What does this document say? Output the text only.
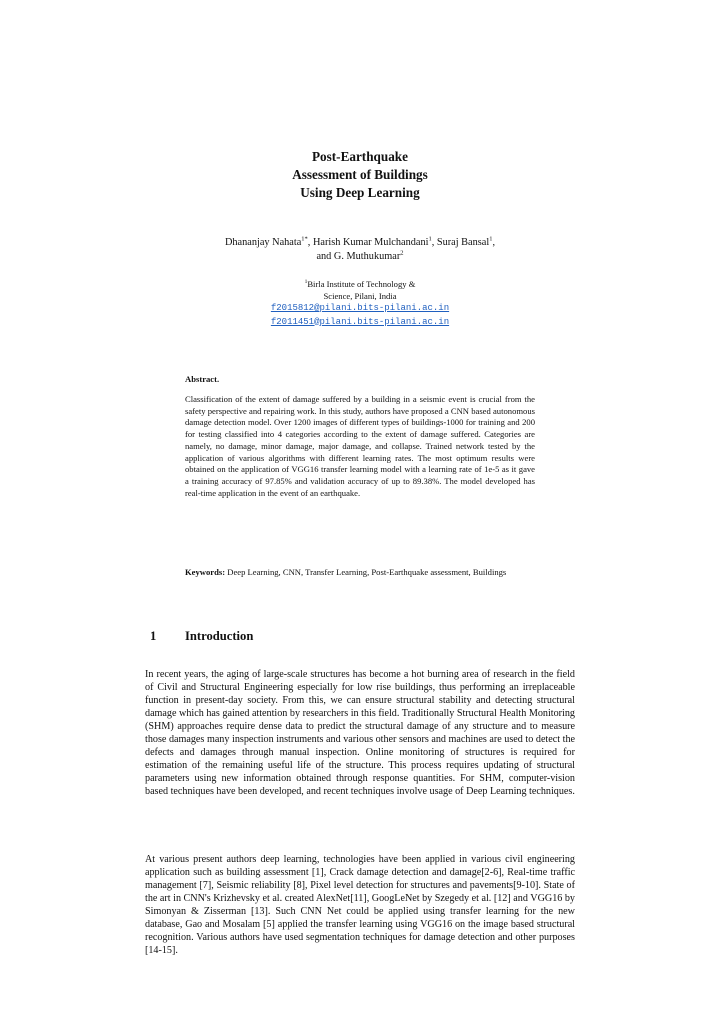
Post-Earthquake
Assessment of Buildings
Using Deep Learning
Dhananjay Nahata$^{1*}$, Harish Kumar Mulchandani$^1$, Suraj Bansal$^1$,
and G. Muthukumar$^2$
$^1$Birla Institute of Technology &
Science, Pilani, India
f2015812@pilani.bits-pilani.ac.in
f2011451@pilani.bits-pilani.ac.in
Abstract.
Classification of the extent of damage suffered by a building in a seismic event is crucial from the safety perspective and repairing work. In this study, authors have proposed a CNN based autonomous damage detection model. Over 1200 images of different types of buildings-1000 for training and 200 for testing classified into 4 categories according to the extent of damage suffered. Categories are namely, no damage, minor damage, major damage, and collapse. Trained network tested by the application of various algorithms with different learning rates. The most optimum results were obtained on the application of VGG16 transfer learning model with a learning rate of 1e-5 as it gave a training accuracy of 97.85% and validation accuracy of up to 89.38%. The model developed has real-time application in the event of an earthquake.
Keywords: Deep Learning, CNN, Transfer Learning, Post-Earthquake assessment, Buildings
1 Introduction
In recent years, the aging of large-scale structures has become a hot burning area of research in the field of Civil and Structural Engineering especially for low rise buildings, thus performing an irreplaceable function in present-day society. From this, we can ensure structural stability and detecting structural damage which has gained attention by researchers in this field. Traditionally Structural Health Monitoring (SHM) approaches require dense data to predict the structural damage of any structure and to measure those damages many inspection instruments and various other sensors and machines are used to detect the defects and damages through manual inspection. Online monitoring of structures is required for estimation of the remaining useful life of the structure. This process requires updating of structural parameters using new information obtained through response quantities. For SHM, computer-vision based techniques have been developed, and recent techniques involve usage of Deep Learning techniques.
At various present authors deep learning, technologies have been applied in various civil engineering application such as building assessment [1], Crack damage detection and damage[2-6], Real-time traffic management [7], Seismic reliability [8], Pixel level detection for structures and pavements[9-10]. State of the art in CNN's Krizhevsky et al. created AlexNet[11], GoogLeNet by Szegedy et al. [12] and VGG16 by Simonyan & Zisserman [13]. Such CNN Net could be applied using transfer learning for the new database, Gao and Mosalam [5] applied the transfer learning using VGG16 on the image based structural recognition. Various authors have used segmentation techniques for damage detection and other purposes [14-15].
